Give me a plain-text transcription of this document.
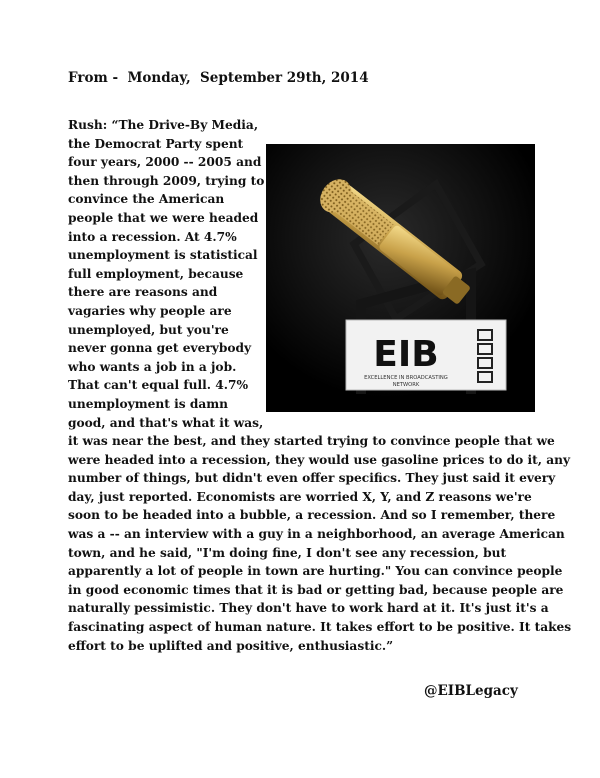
From -  Monday,  September 29th, 2014
Rush: “The Drive-By Media,
the Democrat Party spent
four years, 2000 -- 2005 and
then through 2009, trying to
convince the American
people that we were headed
into a recession. At 4.7%
unemployment is statistical
full employment, because
there are reasons and
vagaries why people are
unemployed, but you're
never gonna get everybody
who wants a job in a job.
That can't equal full. 4.7%
unemployment is damn
good, and that's what it was,
EIB
EXCELLENCE IN BROADCASTING
NETWORK
it was near the best, and they started trying to convince people that we
were headed into a recession, they would use gasoline prices to do it, any
number of things, but didn't even offer specifics. They just said it every
day, just reported. Economists are worried X, Y, and Z reasons we're
soon to be headed into a bubble, a recession. And so I remember, there
was a -- an interview with a guy in a neighborhood, an average American
town, and he said, "I'm doing fine, I don't see any recession, but
apparently a lot of people in town are hurting." You can convince people
in good economic times that it is bad or getting bad, because people are
naturally pessimistic. They don't have to work hard at it. It's just it's a
fascinating aspect of human nature. It takes effort to be positive. It takes
effort to be uplifted and positive, enthusiastic.”
@EIBLegacy
